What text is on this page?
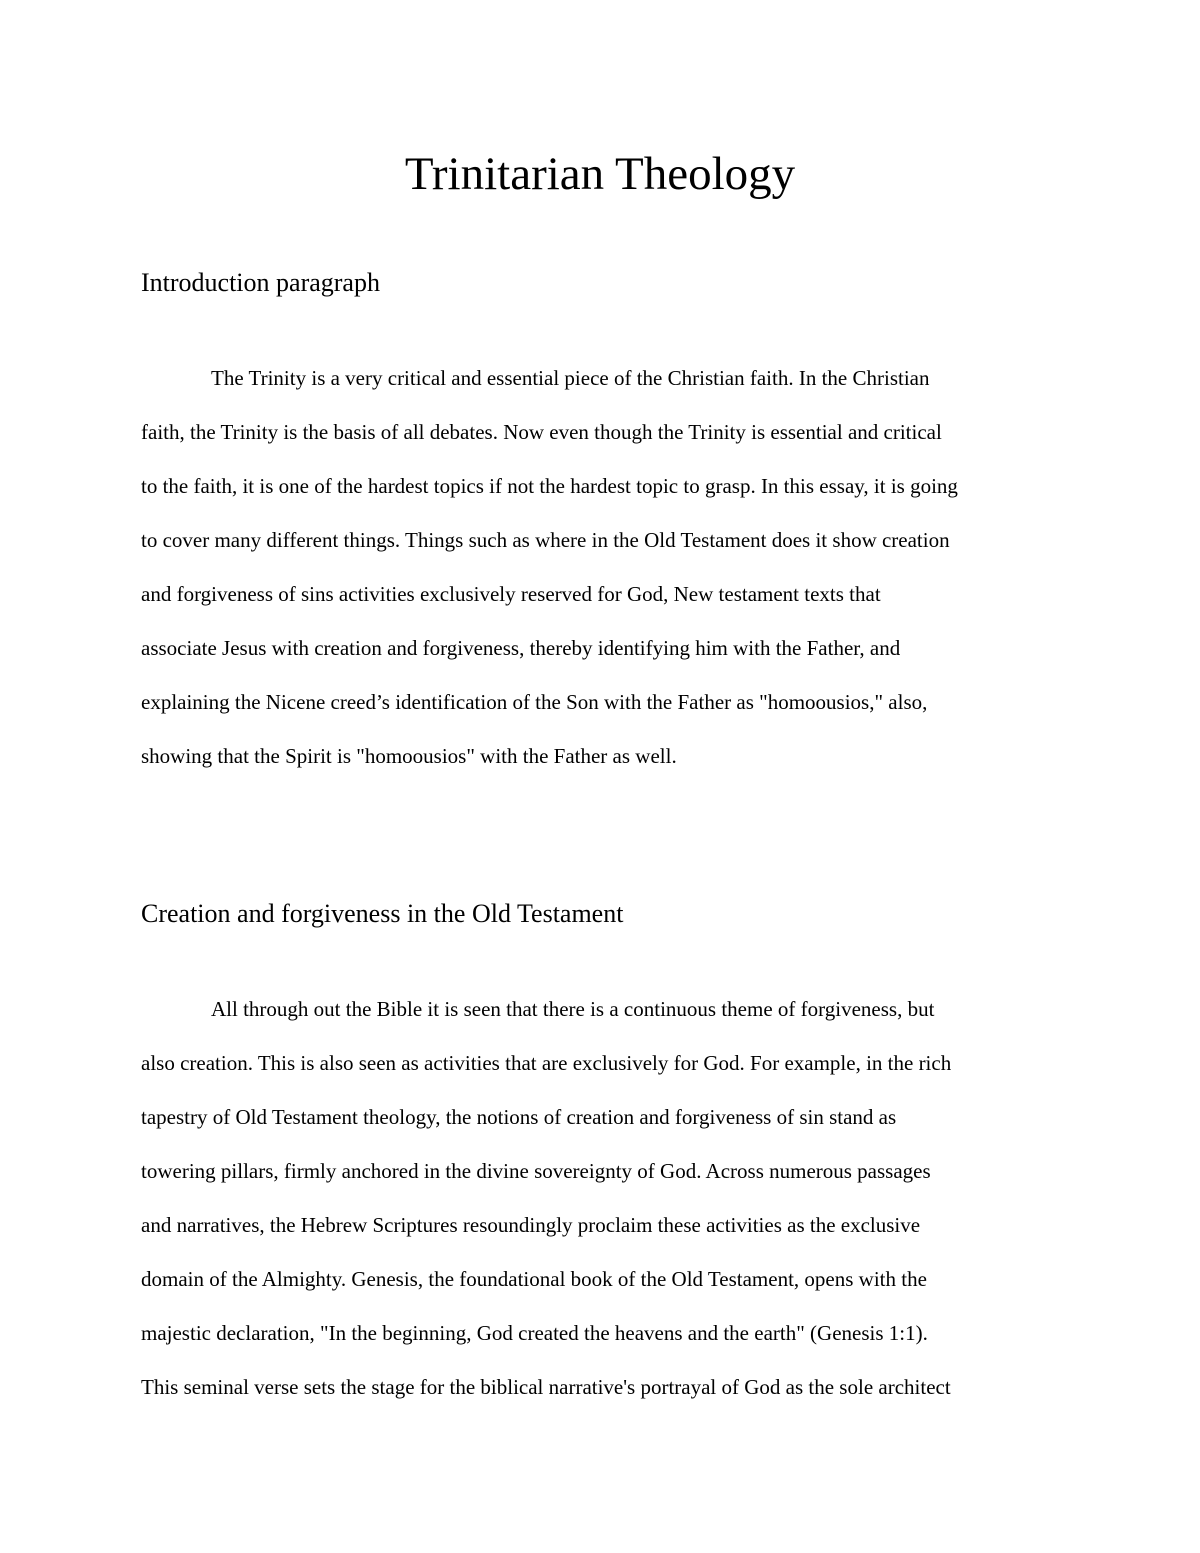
Trinitarian Theology
Introduction paragraph
The Trinity is a very critical and essential piece of the Christian faith. In the Christian
faith, the Trinity is the basis of all debates. Now even though the Trinity is essential and critical
to the faith, it is one of the hardest topics if not the hardest topic to grasp. In this essay, it is going
to cover many different things. Things such as where in the Old Testament does it show creation
and forgiveness of sins activities exclusively reserved for God, New testament texts that
associate Jesus with creation and forgiveness, thereby identifying him with the Father, and
explaining the Nicene creed’s identification of the Son with the Father as "homoousios," also,
showing that the Spirit is "homoousios" with the Father as well.
Creation and forgiveness in the Old Testament
All through out the Bible it is seen that there is a continuous theme of forgiveness, but
also creation. This is also seen as activities that are exclusively for God. For example, in the rich
tapestry of Old Testament theology, the notions of creation and forgiveness of sin stand as
towering pillars, firmly anchored in the divine sovereignty of God. Across numerous passages
and narratives, the Hebrew Scriptures resoundingly proclaim these activities as the exclusive
domain of the Almighty. Genesis, the foundational book of the Old Testament, opens with the
majestic declaration, "In the beginning, God created the heavens and the earth" (Genesis 1:1).
This seminal verse sets the stage for the biblical narrative's portrayal of God as the sole architect
